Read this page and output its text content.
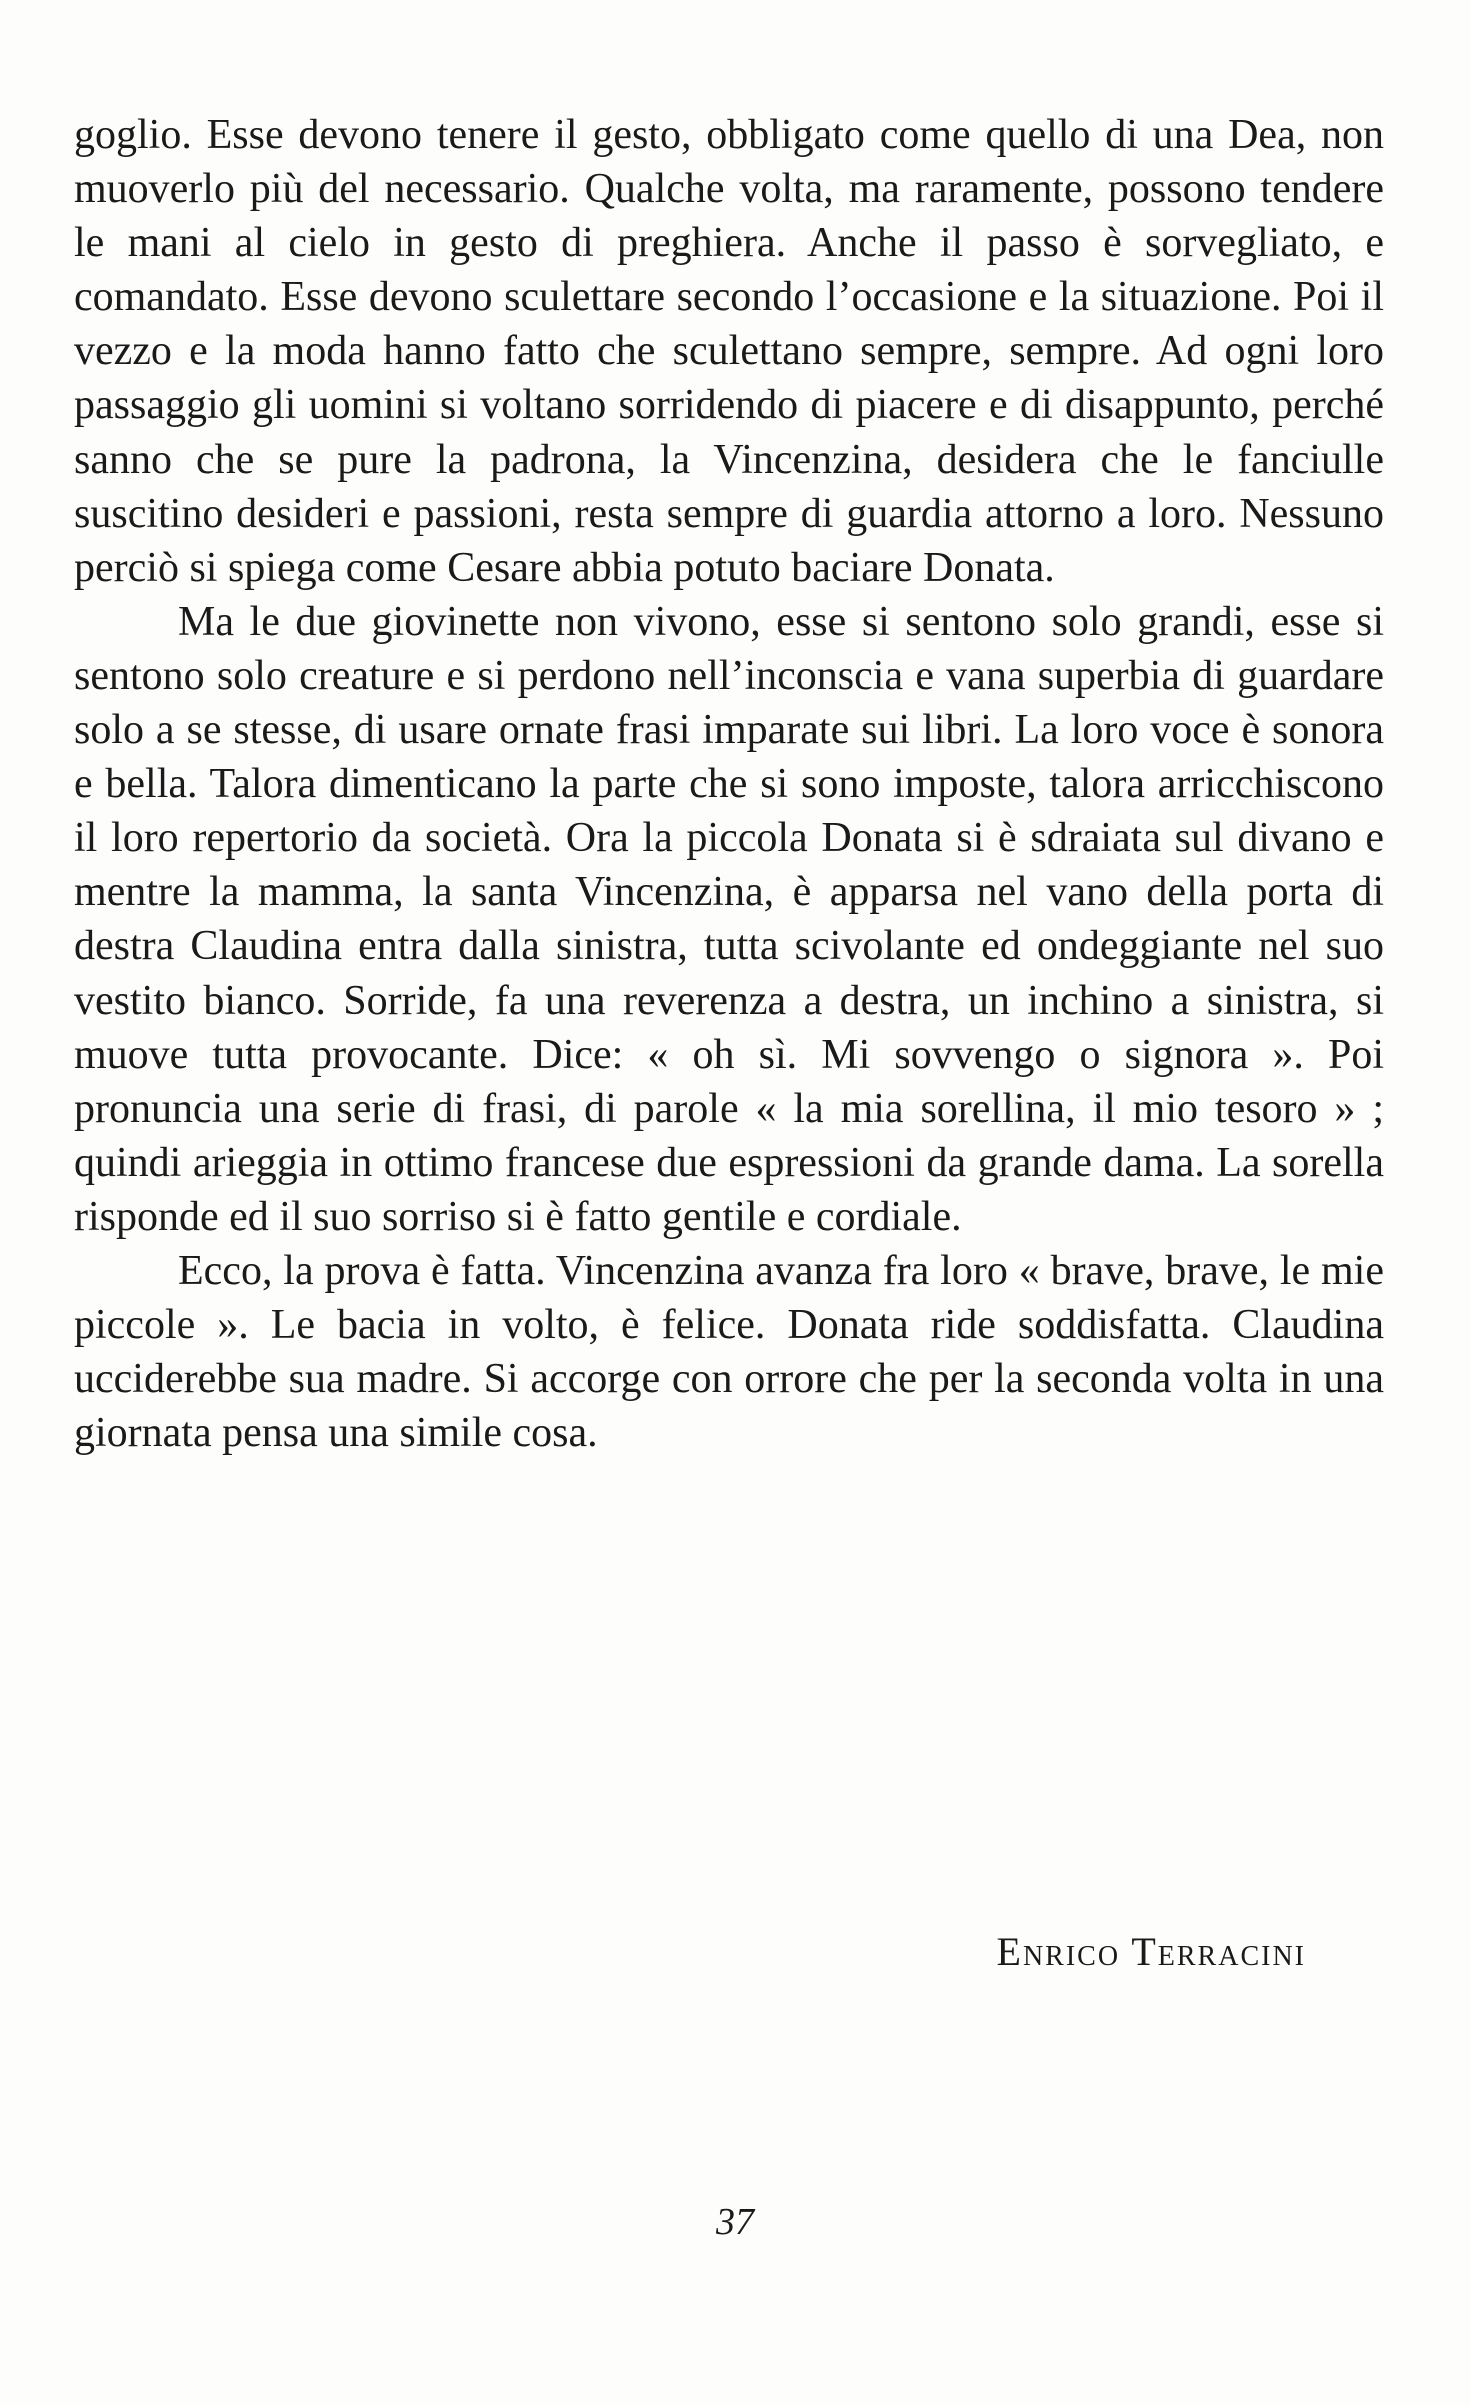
goglio. Esse devono tenere il gesto, obbligato come quello di una Dea, non muoverlo più del necessario. Qualche volta, ma raramente, possono tendere le mani al cielo in gesto di preghiera. Anche il passo è sorvegliato, e comandato. Esse devono sculettare secondo l’occasione e la situazione. Poi il vezzo e la moda hanno fatto che sculettano sempre, sempre. Ad ogni loro passaggio gli uomini si voltano sorridendo di piacere e di disappunto, perché sanno che se pure la padrona, la Vincenzina, desidera che le fanciulle suscitino desideri e passioni, resta sempre di guardia attorno a loro. Nessuno perciò si spiega come Cesare abbia potuto baciare Donata.

Ma le due giovinette non vivono, esse si sentono solo grandi, esse si sentono solo creature e si perdono nell’inconscia e vana superbia di guardare solo a se stesse, di usare ornate frasi imparate sui libri. La loro voce è sonora e bella. Talora dimenticano la parte che si sono imposte, talora arricchiscono il loro repertorio da società. Ora la piccola Donata si è sdraiata sul divano e mentre la mamma, la santa Vincenzina, è apparsa nel vano della porta di destra Claudina entra dalla sinistra, tutta scivolante ed ondeggiante nel suo vestito bianco. Sorride, fa una reverenza a destra, un inchino a sinistra, si muove tutta provocante. Dice: « oh sì. Mi sovvengo o signora ». Poi pronuncia una serie di frasi, di parole « la mia sorellina, il mio tesoro » ; quindi arieggia in ottimo francese due espressioni da grande dama. La sorella risponde ed il suo sorriso si è fatto gentile e cordiale.

Ecco, la prova è fatta. Vincenzina avanza fra loro « brave, brave, le mie piccole ». Le bacia in volto, è felice. Donata ride soddisfatta. Claudina ucciderebbe sua madre. Si accorge con orrore che per la seconda volta in una giornata pensa una simile cosa.

Enrico Terracini
37
